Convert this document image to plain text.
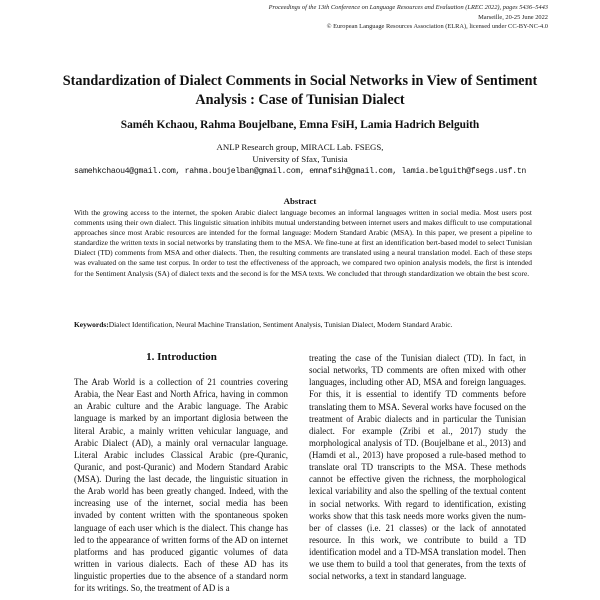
Proceedings of the 13th Conference on Language Resources and Evaluation (LREC 2022), pages 5436–5443
Marseille, 20-25 June 2022
© European Language Resources Association (ELRA), licensed under CC-BY-NC-4.0
Standardization of Dialect Comments in Social Networks in View of Sentiment Analysis : Case of Tunisian Dialect
Saméh Kchaou, Rahma Boujelbane, Emna FsiH, Lamia Hadrich Belguith
ANLP Research group, MIRACL Lab. FSEGS,
University of Sfax, Tunisia
samehkchaou4@gmail.com, rahma.boujelban@gmail.com, emnafsih@gmail.com, lamia.belguith@fsegs.usf.tn
Abstract
With the growing access to the internet, the spoken Arabic dialect language becomes an informal languages written in social media. Most users post comments using their own dialect. This linguistic situation inhibits mutual understanding between internet users and makes difficult to use computational approaches since most Arabic resources are intended for the formal language: Modern Standard Arabic (MSA). In this paper, we present a pipeline to standardize the written texts in social networks by translating them to the MSA. We fine-tune at first an identification bert-based model to select Tunisian Dialect (TD) comments from MSA and other dialects. Then, the resulting comments are translated using a neural translation model. Each of these steps was evaluated on the same test corpus. In order to test the effectiveness of the approach, we compared two opinion analysis models, the first is intended for the Sentiment Analysis (SA) of dialect texts and the second is for the MSA texts. We concluded that through standardization we obtain the best score.
Keywords:Dialect Identification, Neural Machine Translation, Sentiment Analysis, Tunisian Dialect, Modern Standard Arabic.
1. Introduction
The Arab World is a collection of 21 countries covering Arabia, the Near East and North Africa, having in common an Arabic culture and the Arabic language. The Arabic language is marked by an important diglosia between the literal Arabic, a mainly written vehicular language, and Arabic Dialect (AD), a mainly oral vernacular language. Literal Arabic includes Classical Arabic (pre-Quranic, Quranic, and post-Quranic) and Modern Standard Arabic (MSA). During the last decade, the linguistic situation in the Arab world has been greatly changed. Indeed, with the increasing use of the internet, social media has been invaded by content written with the spontaneous spoken language of each user which is the dialect. This change has led to the appearance of written forms of the AD on internet platforms and has produced gigantic volumes of data written in various dialects. Each of these AD has its linguistic properties due to the absence of a standard norm for its writings. So, the treatment of AD is a
treating the case of the Tunisian dialect (TD). In fact, in social networks, TD comments are often mixed with other languages, including other AD, MSA and foreign languages. For this, it is essential to identify TD comments before translating them to MSA. Several works have focused on the treatment of Arabic dialects and in particular the Tunisian dialect. For example (Zribi et al., 2017) study the morphological analysis of TD. (Boujelbane et al., 2013) and (Hamdi et al., 2013) have proposed a rule-based method to translate oral TD transcripts to the MSA. These methods cannot be effective given the richness, the morphological lexical variability and also the spelling of the textual content in social networks. With regard to identification, existing works show that this task needs more works given the number of classes (i.e. 21 classes) or the lack of annotated resource. In this work, we contribute to build a TD identification model and a TD-MSA translation model. Then we use them to build a tool that generates, from the texts of social networks, a text in standard language.
